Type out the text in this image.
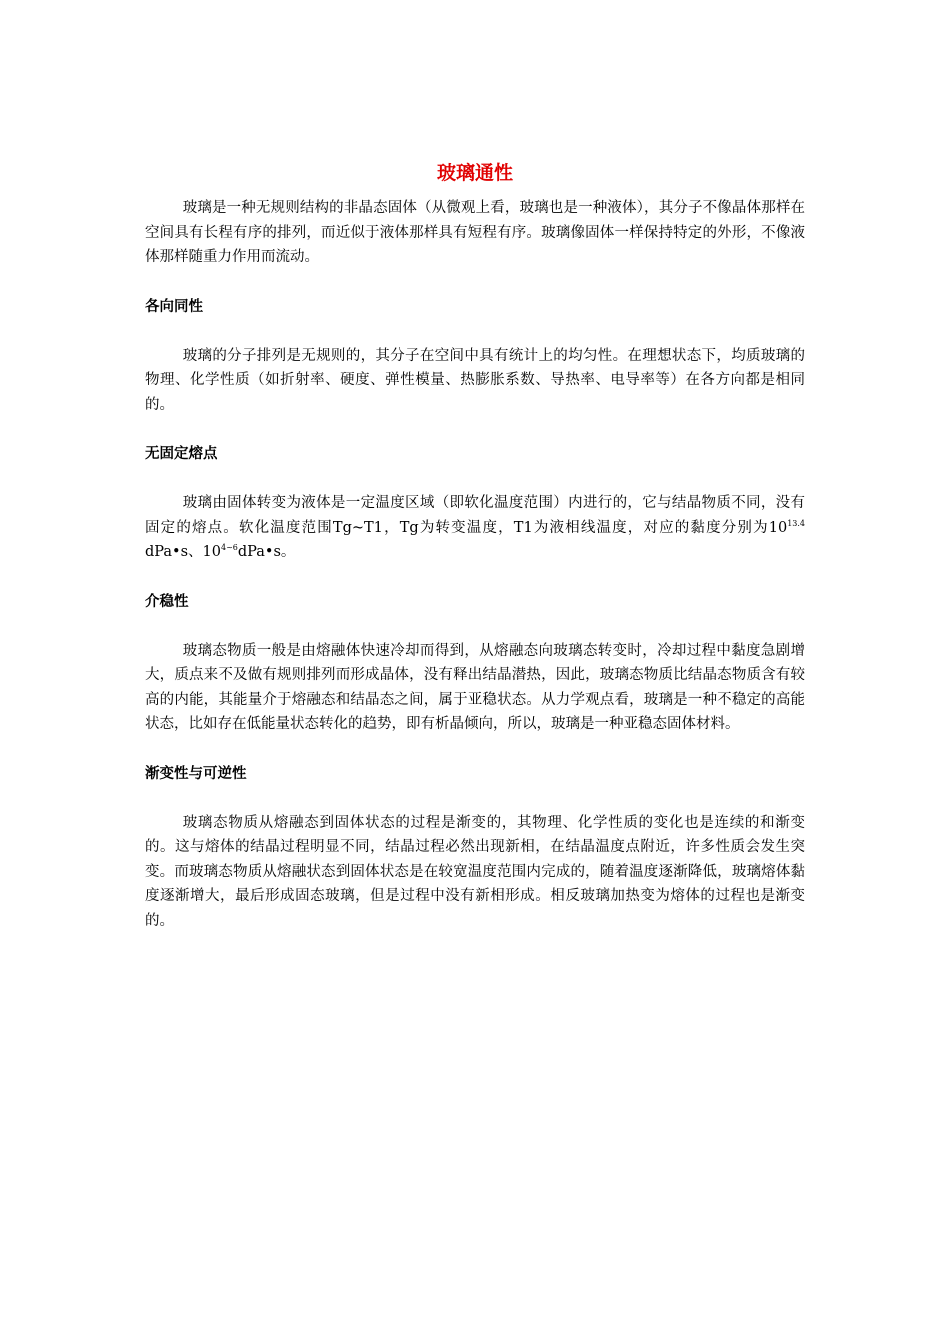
玻璃通性

玻璃是一种无规则结构的非晶态固体（从微观上看，玻璃也是一种液体），其分子不像晶体那样在空间具有长程有序的排列，而近似于液体那样具有短程有序。玻璃像固体一样保持特定的外形，不像液体那样随重力作用而流动。

各向同性

玻璃的分子排列是无规则的，其分子在空间中具有统计上的均匀性。在理想状态下，均质玻璃的物理、化学性质（如折射率、硬度、弹性模量、热膨胀系数、导热率、电导率等）在各方向都是相同的。

无固定熔点

玻璃由固体转变为液体是一定温度区域（即软化温度范围）内进行的，它与结晶物质不同，没有固定的熔点。软化温度范围Tg~T1，Tg为转变温度，T1为液相线温度，对应的黏度分别为$10^{13.4}$ dPa•s、$10^{4\sim 6}dPa•s$。

介稳性

玻璃态物质一般是由熔融体快速冷却而得到，从熔融态向玻璃态转变时，冷却过程中黏度急剧增大，质点来不及做有规则排列而形成晶体，没有释出结晶潜热，因此，玻璃态物质比结晶态物质含有较高的内能，其能量介于熔融态和结晶态之间，属于亚稳状态。从力学观点看，玻璃是一种不稳定的高能状态，比如存在低能量状态转化的趋势，即有析晶倾向，所以，玻璃是一种亚稳态固体材料。

渐变性与可逆性

玻璃态物质从熔融态到固体状态的过程是渐变的，其物理、化学性质的变化也是连续的和渐变的。这与熔体的结晶过程明显不同，结晶过程必然出现新相，在结晶温度点附近，许多性质会发生突变。而玻璃态物质从熔融状态到固体状态是在较宽温度范围内完成的，随着温度逐渐降低，玻璃熔体黏度逐渐增大，最后形成固态玻璃，但是过程中没有新相形成。相反玻璃加热变为熔体的过程也是渐变的。
